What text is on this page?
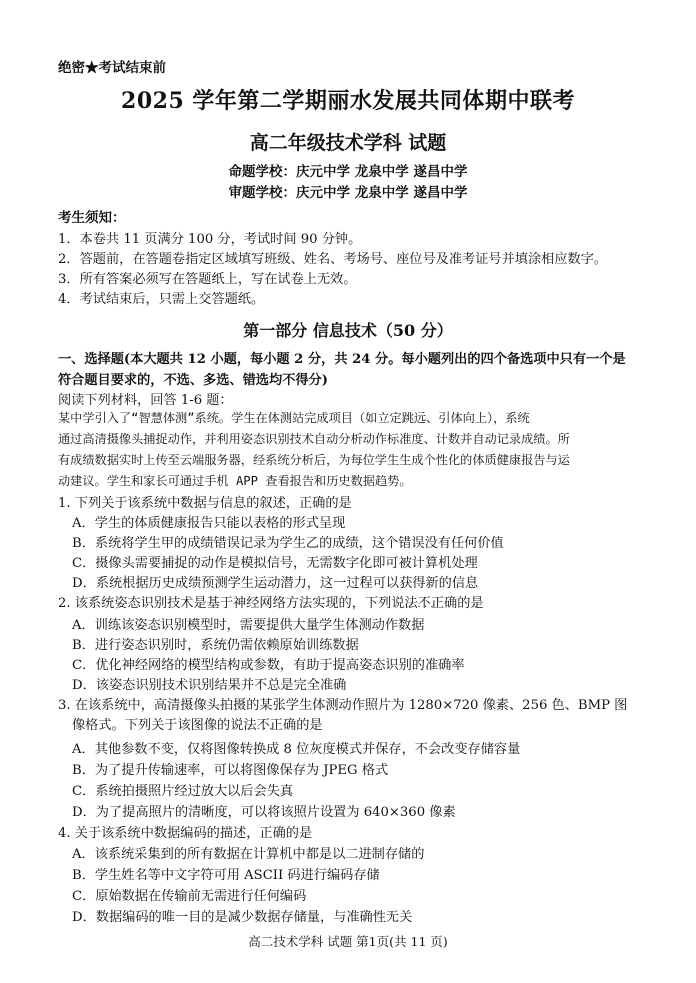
绝密★考试结束前
2025 学年第二学期丽水发展共同体期中联考
高二年级技术学科 试题
命题学校：庆元中学 龙泉中学 遂昌中学
审题学校：庆元中学 龙泉中学 遂昌中学
考生须知：
1．本卷共 11 页满分 100 分，考试时间 90 分钟。
2．答题前，在答题卷指定区域填写班级、姓名、考场号、座位号及准考证号并填涂相应数字。
3．所有答案必须写在答题纸上，写在试卷上无效。
4．考试结束后，只需上交答题纸。
第一部分 信息技术（50 分）
一、选择题(本大题共 12 小题，每小题 2 分，共 24 分。每小题列出的四个备选项中只有一个是
符合题目要求的，不选、多选、错选均不得分)
阅读下列材料，回答 1-6 题：
某中学引入了“智慧体测”系统。学生在体测站完成项目（如立定跳远、引体向上），系统
通过高清摄像头捕捉动作，并利用姿态识别技术自动分析动作标准度、计数并自动记录成绩。所
有成绩数据实时上传至云端服务器，经系统分析后，为每位学生生成个性化的体质健康报告与运
动建议。学生和家长可通过手机 APP 查看报告和历史数据趋势。
1. 下列关于该系统中数据与信息的叙述，正确的是
A．学生的体质健康报告只能以表格的形式呈现
B．系统将学生甲的成绩错误记录为学生乙的成绩，这个错误没有任何价值
C．摄像头需要捕捉的动作是模拟信号，无需数字化即可被计算机处理
D．系统根据历史成绩预测学生运动潜力，这一过程可以获得新的信息
2. 该系统姿态识别技术是基于神经网络方法实现的，下列说法不正确 · · ·的是
A．训练该姿态识别模型时，需要提供大量学生体测动作数据
B．进行姿态识别时，系统仍需依赖原始训练数据
C．优化神经网络的模型结构或参数，有助于提高姿态识别的准确率
D．该姿态识别技术识别结果并不总是完全准确
3. 在该系统中，高清摄像头拍摄的某张学生体测动作照片为 1280×720 像素、256 色、BMP 图
像格式。下列关于该图像的说法不正确 · · ·的是
A．其他参数不变，仅将图像转换成 8 位灰度模式并保存，不会改变存储容量
B．为了提升传输速率，可以将图像保存为 JPEG 格式
C．系统拍摄照片经过放大以后会失真
D．为了提高照片的清晰度，可以将该照片设置为 640×360 像素
4. 关于该系统中数据编码的描述，正确的是
A．该系统采集到的所有数据在计算机中都是以二进制存储的
B．学生姓名等中文字符可用 ASCII 码进行编码存储
C．原始数据在传输前无需进行任何编码
D．数据编码的唯一目的是减少数据存储量，与准确性无关
高二技术学科 试题 第1页(共 11 页)
